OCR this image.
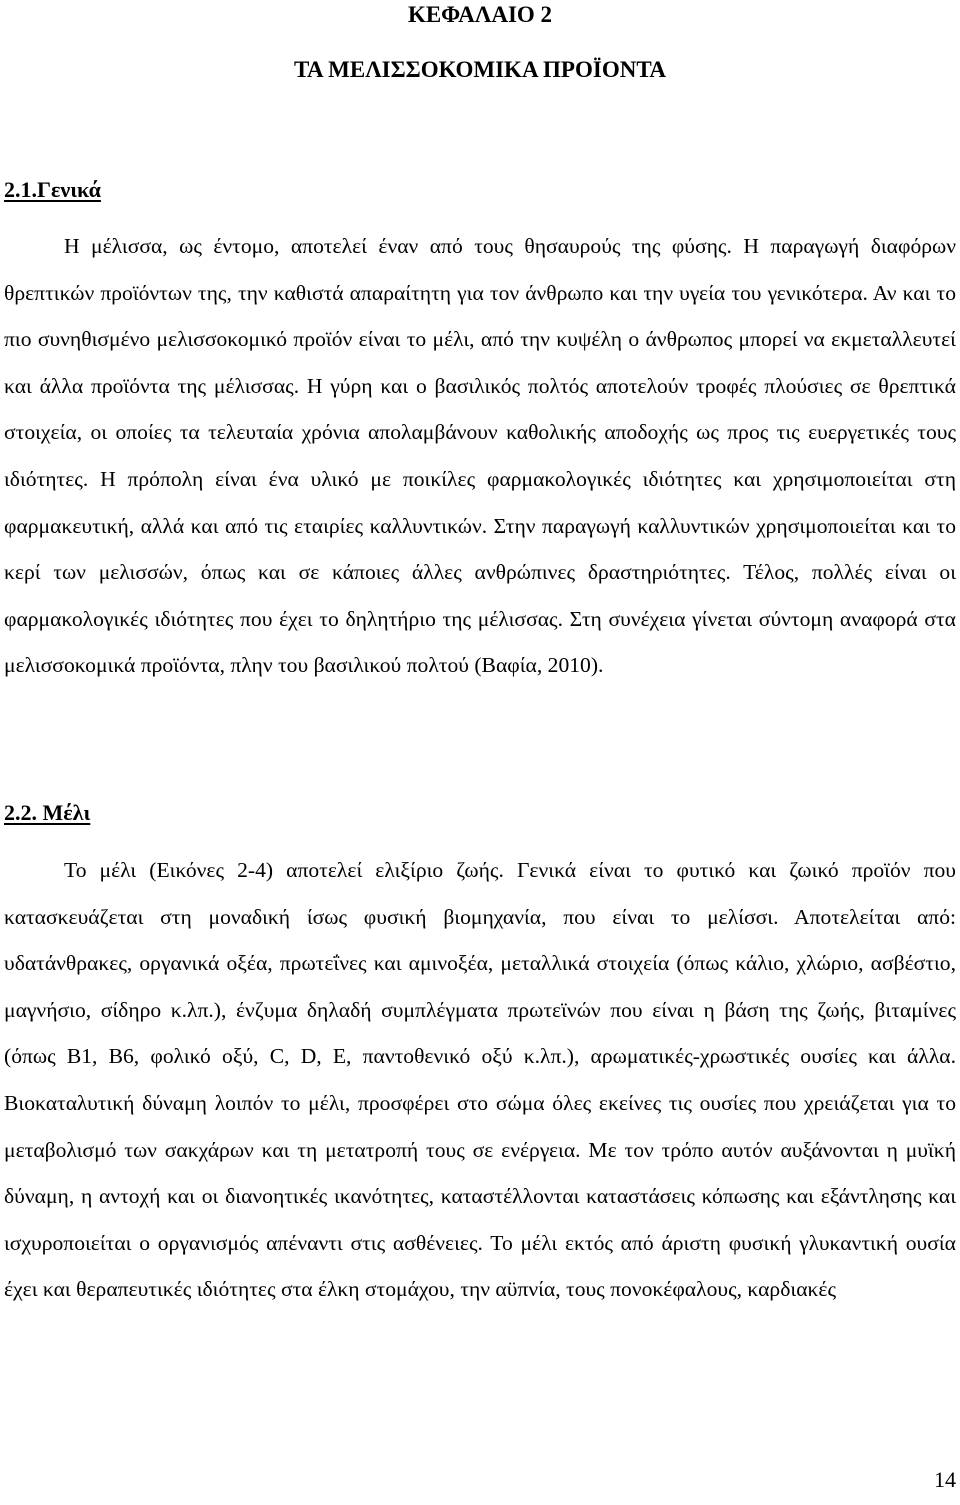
ΚΕΦΑΛΑΙΟ 2
ΤΑ ΜΕΛΙΣΣΟΚΟΜΙΚΑ ΠΡΟΪΟΝΤΑ
2.1.Γενικά

Η μέλισσα, ως έντομο, αποτελεί έναν από τους θησαυρούς της φύσης. Η παραγωγή διαφόρων θρεπτικών προϊόντων της, την καθιστά απαραίτητη για τον άνθρωπο και την υγεία του γενικότερα. Αν και το πιο συνηθισμένο μελισσοκομικό προϊόν είναι το μέλι, από την κυψέλη ο άνθρωπος μπορεί να εκμεταλλευτεί και άλλα προϊόντα της μέλισσας. Η γύρη και ο βασιλικός πολτός αποτελούν τροφές πλούσιες σε θρεπτικά στοιχεία, οι οποίες τα τελευταία χρόνια απολαμβάνουν καθολικής αποδοχής ως προς τις ευεργετικές τους ιδιότητες. Η πρόπολη είναι ένα υλικό με ποικίλες φαρμακολογικές ιδιότητες και χρησιμοποιείται στη φαρμακευτική, αλλά και από τις εταιρίες καλλυντικών. Στην παραγωγή καλλυντικών χρησιμοποιείται και το κερί των μελισσών, όπως και σε κάποιες άλλες ανθρώπινες δραστηριότητες. Τέλος, πολλές είναι οι φαρμακολογικές ιδιότητες που έχει το δηλητήριο της μέλισσας. Στη συνέχεια γίνεται σύντομη αναφορά στα μελισσοκομικά προϊόντα, πλην του βασιλικού πολτού (Βαφία, 2010).

2.2. Μέλι

Το μέλι (Εικόνες 2-4) αποτελεί ελιξίριο ζωής. Γενικά είναι το φυτικό και ζωικό προϊόν που κατασκευάζεται στη μοναδική ίσως φυσική βιομηχανία, που είναι το μελίσσι. Αποτελείται από: υδατάνθρακες, οργανικά οξέα, πρωτεΐνες και αμινοξέα, μεταλλικά στοιχεία (όπως κάλιο, χλώριο, ασβέστιο, μαγνήσιο, σίδηρο κ.λπ.), ένζυμα δηλαδή συμπλέγματα πρωτεϊνών που είναι η βάση της ζωής, βιταμίνες (όπως Β1, Β6, φολικό οξύ, C, D, E, παντοθενικό οξύ κ.λπ.), αρωματικές-χρωστικές ουσίες και άλλα. Βιοκαταλυτική δύναμη λοιπόν το μέλι, προσφέρει στο σώμα όλες εκείνες τις ουσίες που χρειάζεται για το μεταβολισμό των σακχάρων και τη μετατροπή τους σε ενέργεια. Με τον τρόπο αυτόν αυξάνονται η μυϊκή δύναμη, η αντοχή και οι διανοητικές ικανότητες, καταστέλλονται καταστάσεις κόπωσης και εξάντλησης και ισχυροποιείται ο οργανισμός απέναντι στις ασθένειες. Το μέλι εκτός από άριστη φυσική γλυκαντική ουσία έχει και θεραπευτικές ιδιότητες στα έλκη στομάχου, την αϋπνία, τους πονοκέφαλους, καρδιακές

14
